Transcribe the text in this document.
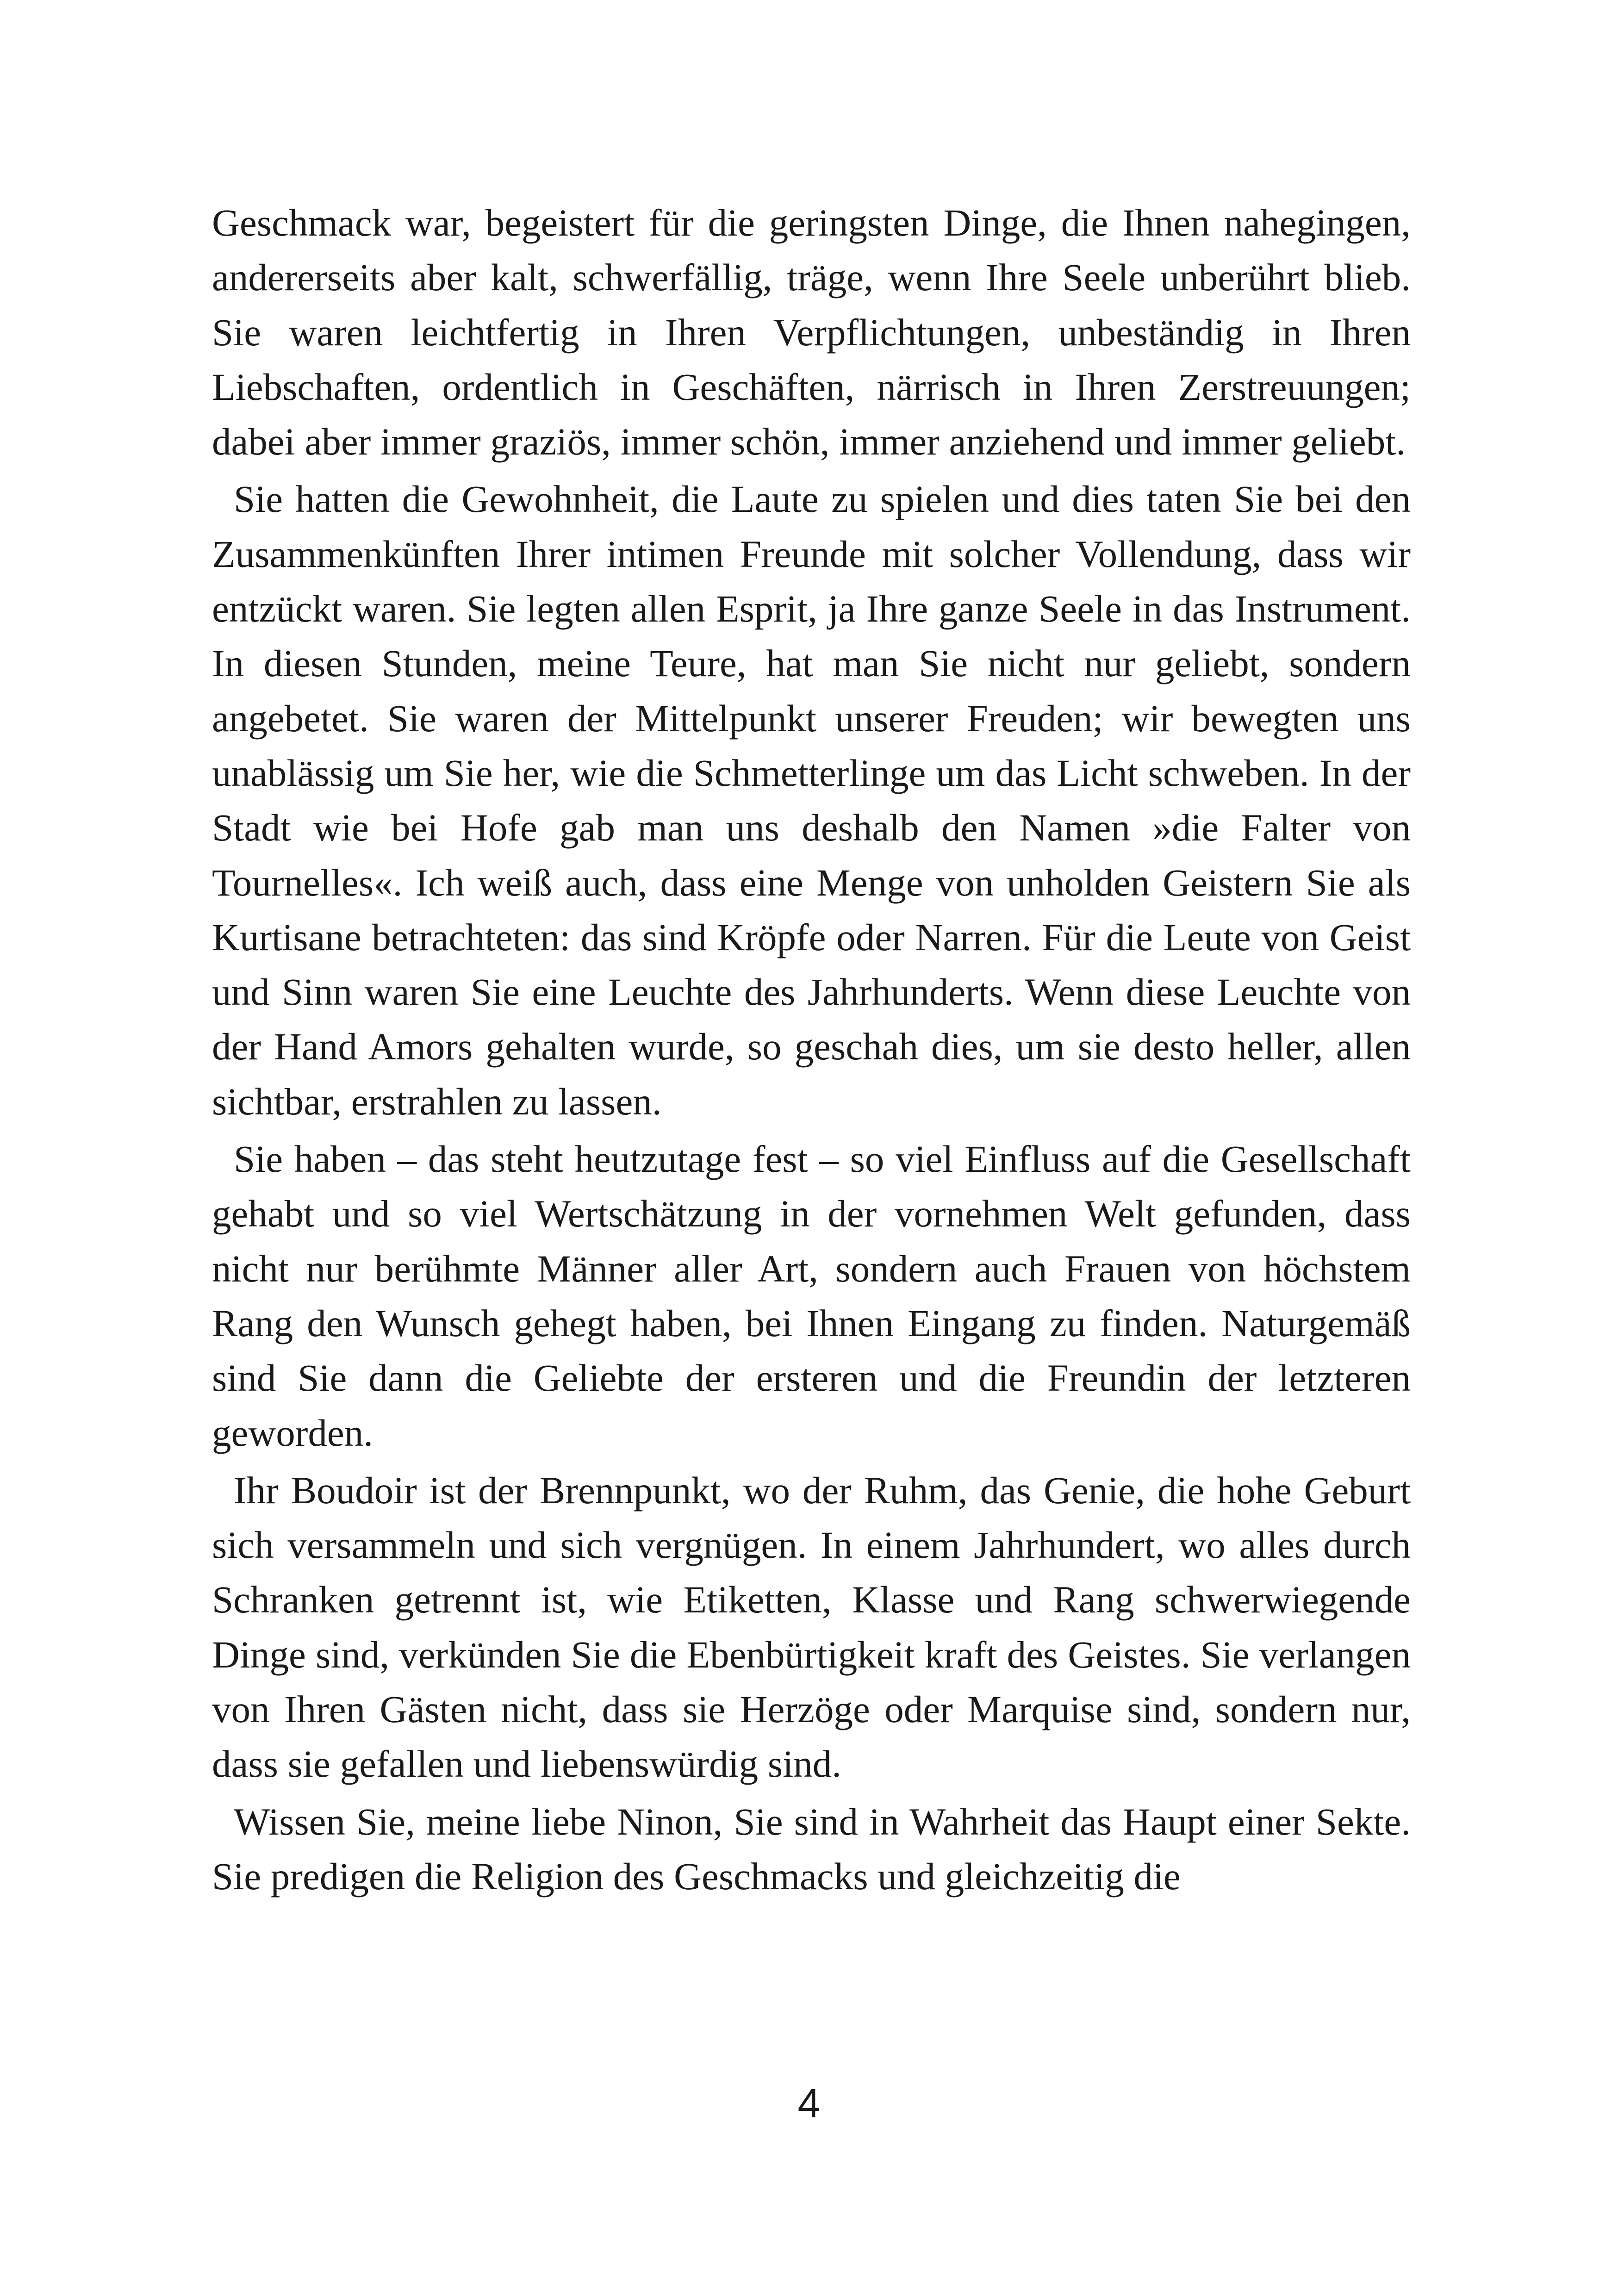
Geschmack war, begeistert für die geringsten Dinge, die Ihnen nahegingen, andererseits aber kalt, schwerfällig, träge, wenn Ihre Seele unberührt blieb. Sie waren leichtfertig in Ihren Verpflichtungen, unbeständig in Ihren Liebschaften, ordentlich in Geschäften, närrisch in Ihren Zerstreuungen; dabei aber immer graziös, immer schön, immer anziehend und immer geliebt.

Sie hatten die Gewohnheit, die Laute zu spielen und dies taten Sie bei den Zusammenkünften Ihrer intimen Freunde mit solcher Vollendung, dass wir entzückt waren. Sie legten allen Esprit, ja Ihre ganze Seele in das Instrument. In diesen Stunden, meine Teure, hat man Sie nicht nur geliebt, sondern angebetet. Sie waren der Mittelpunkt unserer Freuden; wir bewegten uns unablässig um Sie her, wie die Schmetterlinge um das Licht schweben. In der Stadt wie bei Hofe gab man uns deshalb den Namen »die Falter von Tournelles«. Ich weiß auch, dass eine Menge von unholden Geistern Sie als Kurtisane betrachteten: das sind Kröpfe oder Narren. Für die Leute von Geist und Sinn waren Sie eine Leuchte des Jahrhunderts. Wenn diese Leuchte von der Hand Amors gehalten wurde, so geschah dies, um sie desto heller, allen sichtbar, erstrahlen zu lassen.

Sie haben – das steht heutzutage fest – so viel Einfluss auf die Gesellschaft gehabt und so viel Wertschätzung in der vornehmen Welt gefunden, dass nicht nur berühmte Männer aller Art, sondern auch Frauen von höchstem Rang den Wunsch gehegt haben, bei Ihnen Eingang zu finden. Naturgemäß sind Sie dann die Geliebte der ersteren und die Freundin der letzteren geworden.

Ihr Boudoir ist der Brennpunkt, wo der Ruhm, das Genie, die hohe Geburt sich versammeln und sich vergnügen. In einem Jahrhundert, wo alles durch Schranken getrennt ist, wie Etiketten, Klasse und Rang schwerwiegende Dinge sind, verkünden Sie die Ebenbürtigkeit kraft des Geistes. Sie verlangen von Ihren Gästen nicht, dass sie Herzöge oder Marquise sind, sondern nur, dass sie gefallen und liebenswürdig sind.

Wissen Sie, meine liebe Ninon, Sie sind in Wahrheit das Haupt einer Sekte. Sie predigen die Religion des Geschmacks und gleichzeitig die

4
